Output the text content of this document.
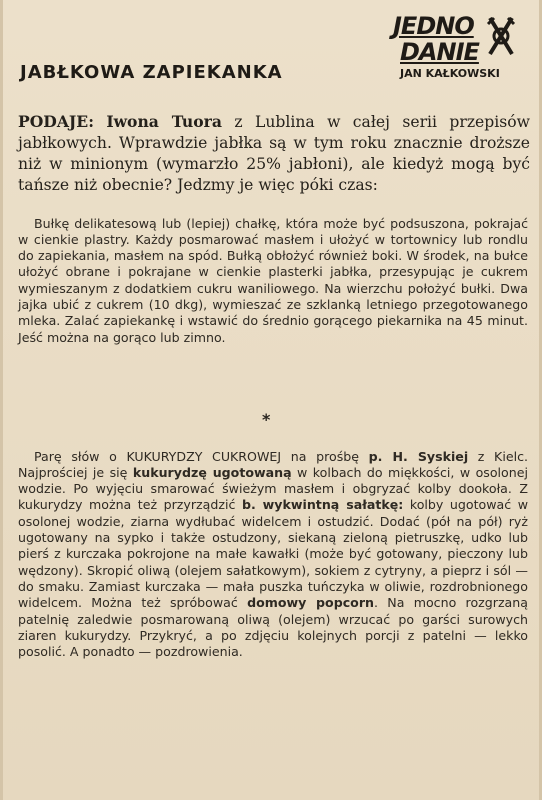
JABŁKOWA ZAPIEKANKA
JEDNO
DANIE
JAN KAŁKOWSKI

PODAJE: Iwona Tuora z Lublina w całej serii przepisów jabłkowych. Wprawdzie jabłka są w tym roku znacznie droższe niż w minionym (wymarzło 25% jabłoni), ale kiedyż mogą być tańsze niż obecnie? Jedzmy je więc póki czas:

Bułkę delikatesową lub (lepiej) chałkę, która może być podsuszona, pokrajać w cienkie plastry. Każdy posmarować masłem i ułożyć w tortownicy lub rondlu do zapiekania, masłem na spód. Bułką obłożyć również boki. W środek, na bułce ułożyć obrane i pokrajane w cienkie plasterki jabłka, przesypując je cukrem wymieszanym z dodatkiem cukru waniliowego. Na wierzchu położyć bułki. Dwa jajka ubić z cukrem (10 dkg), wymieszać ze szklanką letniego przegotowanego mleka. Zalać zapiekankę i wstawić do średnio gorącego piekarnika na 45 minut. Jeść można na gorąco lub zimno.

*

Parę słów o KUKURYDZY CUKROWEJ na prośbę p. H. Syskiej z Kielc. Najprościej je się kukurydzę ugotowaną w kolbach do miękkości, w osolonej wodzie. Po wyjęciu smarować świeżym masłem i obgryzać kolby dookoła. Z kukurydzy można też przyrządzić b. wykwintną sałatkę: kolby ugotować w osolonej wodzie, ziarna wydłubać widelcem i ostudzić. Dodać (pół na pół) ryż ugotowany na sypko i także ostudzony, siekaną zieloną pietruszkę, udko lub pierś z kurczaka pokrojone na małe kawałki (może być gotowany, pieczony lub wędzony). Skropić oliwą (olejem sałatkowym), sokiem z cytryny, a pieprz i sól — do smaku. Zamiast kurczaka — mała puszka tuńczyka w oliwie, rozdrobnionego widelcem. Można też spróbować domowy popcorn. Na mocno rozgrzaną patelnię zaledwie posmarowaną oliwą (olejem) wrzucać po garści surowych ziaren kukurydzy. Przykryć, a po zdjęciu kolejnych porcji z patelni — lekko posolić. A ponadto — pozdrowienia.
